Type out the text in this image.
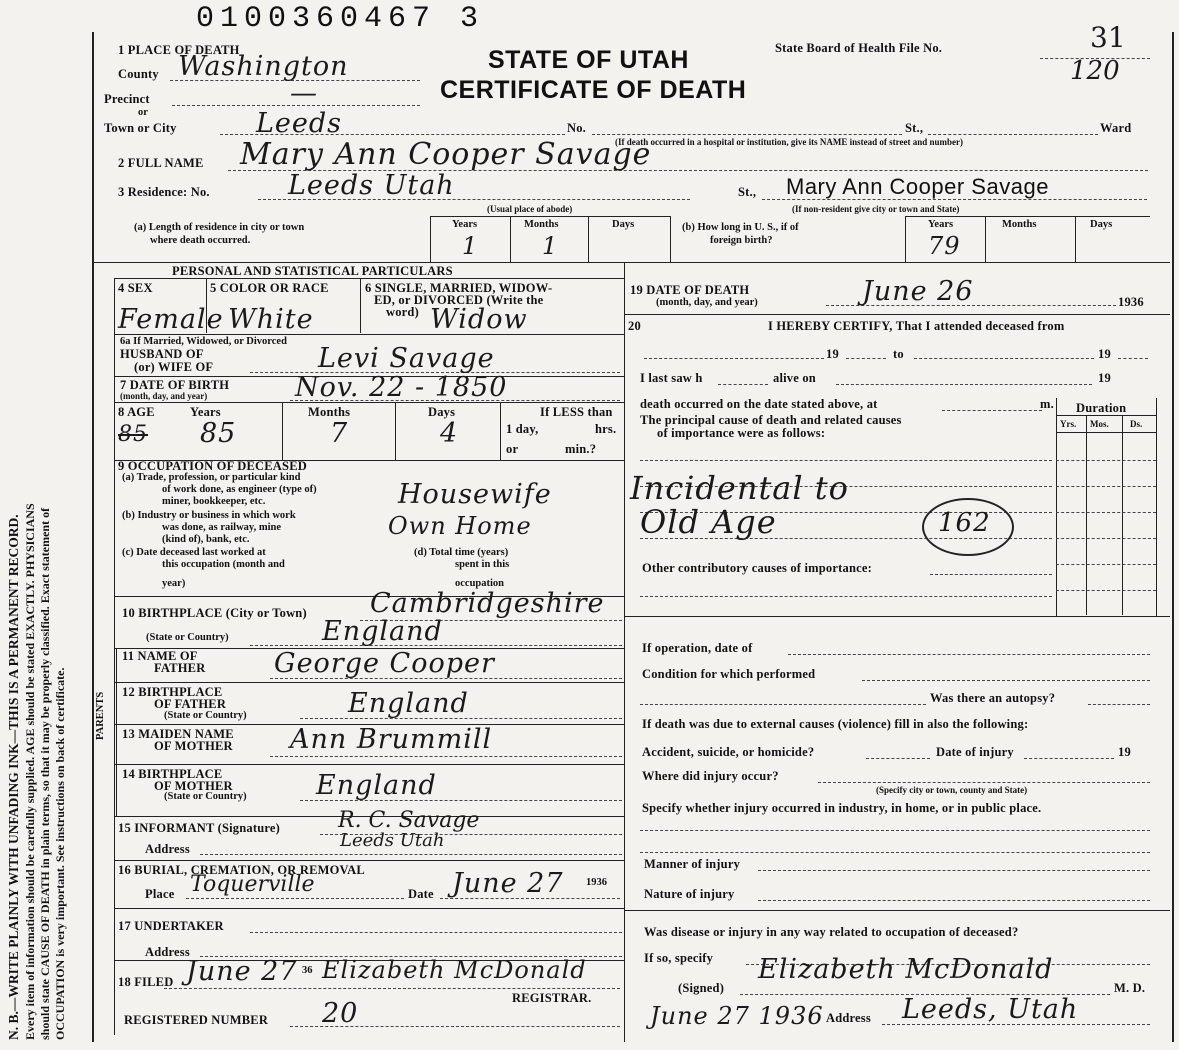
N. B.—WRITE PLAINLY WITH UNFADING INK—THIS IS A PERMANENT RECORD. Every item of information should be carefully supplied. AGE should be stated EXACTLY. PHYSICIANS should state CAUSE OF DEATH in plain terms, so that it may be properly classified. Exact statement of OCCUPATION is very important. See instructions on back of certificate.
0100360467 3
1 PLACE OF DEATH	STATE OF UTAH
CERTIFICATE OF DEATH
State Board of Health File No.	31
120
County Washington
Precinct	—
or
Town or City	Leeds	No.	St.,	Ward
(If death occurred in a hospital or institution, give its NAME instead of street and number)
2 FULL NAME Mary Ann Cooper Savage
3 Residence: No.	Leeds Utah	St., Mary Ann Cooper Savage
(Usual place of abode)	(If non-resident give city or town and State)
(a) Length of residence in city or town
where death occurred.
Years	Months	Days
1	1
(b) How long in U. S., if of
foreign birth?
Years	Months	Days
79
PERSONAL AND STATISTICAL PARTICULARS
4 SEX	5 COLOR OR RACE	6 SINGLE, MARRIED, WIDOW-
ED, or DIVORCED (Write the
word)
Female White	Widow
6a If Married, Widowed, or Divorced
HUSBAND OF
(or) WIFE OF	Levi Savage
7 DATE OF BIRTH
(month, day, and year)	Nov. 22 - 1850
8 AGE	Years	Months	Days	If LESS than
1 day,	hrs.
or	min.?
85 85	7	4
9 OCCUPATION OF DECEASED
(a) Trade, profession, or particular kind
of work done, as engineer (type of)
miner, bookkeeper, etc.	Housewife
(b) Industry or business in which work
was done, as railway, mine
(kind of), bank, etc.	Own Home
(c) Date deceased last worked at
this occupation (month and
year)
(d) Total time (years)
spent in this
occupation
10 BIRTHPLACE (City or Town) Cambridgeshire
(State or Country)	England
PARENTS
11 NAME OF
FATHER	George Cooper
12 BIRTHPLACE
OF FATHER
(State or Country)	England
13 MAIDEN NAME
OF MOTHER Ann Brummill
14 BIRTHPLACE
OF MOTHER
(State or Country)	England
15 INFORMANT (Signature)	R. C. Savage
Address	Leeds Utah
16 BURIAL, CREMATION, OR REMOVAL
Place Toquerville	Date June 27 1936
17 UNDERTAKER
Address
18 FILED June 27 36 Elizabeth McDonald
REGISTRAR.
REGISTERED NUMBER 20
19 DATE OF DEATH
(month, day, and year)	June 26	1936
20	I HEREBY CERTIFY, That I attended deceased from
19	to	19
I last saw h	alive on	19
death occurred on the date stated above, at	m. Duration
The principal cause of death and related causes
of importance were as follows:
Yrs. Mos. Ds.
Incidental to
Old Age	162
Other contributory causes of importance:
If operation, date of
Condition for which performed
Was there an autopsy?
If death was due to external causes (violence) fill in also the following:
Accident, suicide, or homicide?	Date of injury	19
Where did injury occur?
(Specify city or town, county and State)
Specify whether injury occurred in industry, in home, or in public place.
Manner of injury
Nature of injury
Was disease or injury in any way related to occupation of deceased?
If so, specify
(Signed)
Elizabeth McDonald
M. D.
June 27 1936 Address Leeds, Utah
